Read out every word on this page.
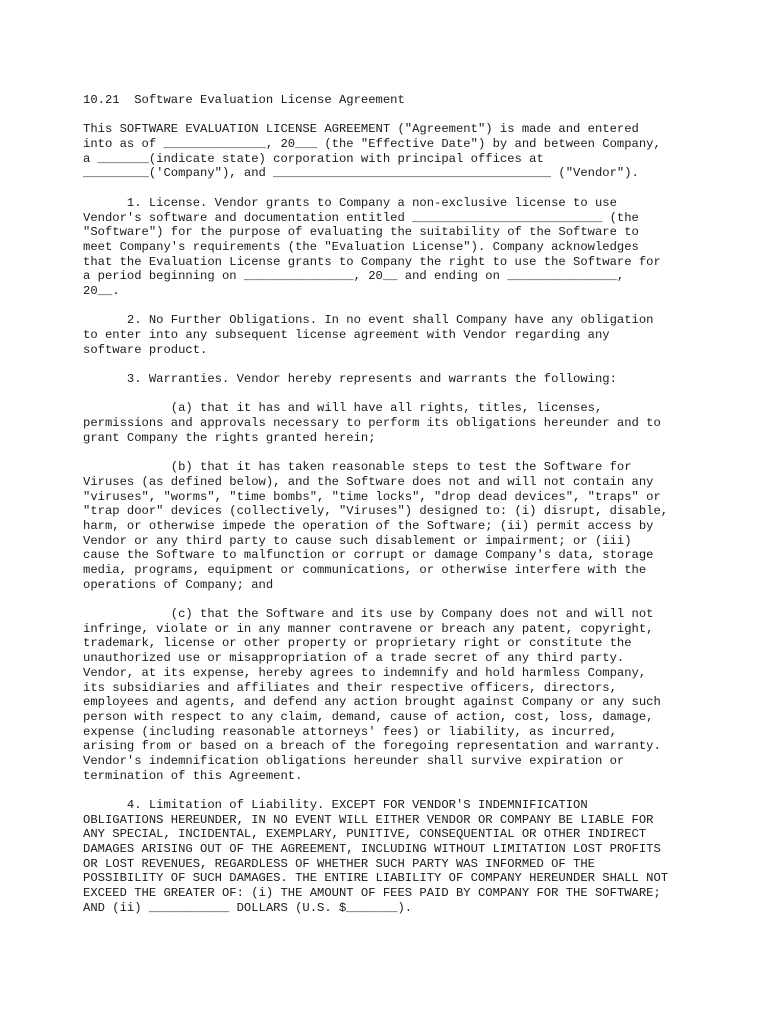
10.21  Software Evaluation License Agreement
This SOFTWARE EVALUATION LICENSE AGREEMENT ("Agreement") is made and entered
into as of ______________, 20___ (the "Effective Date") by and between Company,
a _______(indicate state) corporation with principal offices at
_________('Company"), and ______________________________________ ("Vendor").
1. License. Vendor grants to Company a non-exclusive license to use
Vendor's software and documentation entitled __________________________ (the
"Software") for the purpose of evaluating the suitability of the Software to
meet Company's requirements (the "Evaluation License"). Company acknowledges
that the Evaluation License grants to Company the right to use the Software for
a period beginning on _______________, 20__ and ending on _______________,
20__.
2. No Further Obligations. In no event shall Company have any obligation
to enter into any subsequent license agreement with Vendor regarding any
software product.
3. Warranties. Vendor hereby represents and warrants the following:
(a) that it has and will have all rights, titles, licenses,
permissions and approvals necessary to perform its obligations hereunder and to
grant Company the rights granted herein;
(b) that it has taken reasonable steps to test the Software for
Viruses (as defined below), and the Software does not and will not contain any
"viruses", "worms", "time bombs", "time locks", "drop dead devices", "traps" or
"trap door" devices (collectively, "Viruses") designed to: (i) disrupt, disable,
harm, or otherwise impede the operation of the Software; (ii) permit access by
Vendor or any third party to cause such disablement or impairment; or (iii)
cause the Software to malfunction or corrupt or damage Company's data, storage
media, programs, equipment or communications, or otherwise interfere with the
operations of Company; and
(c) that the Software and its use by Company does not and will not
infringe, violate or in any manner contravene or breach any patent, copyright,
trademark, license or other property or proprietary right or constitute the
unauthorized use or misappropriation of a trade secret of any third party.
Vendor, at its expense, hereby agrees to indemnify and hold harmless Company,
its subsidiaries and affiliates and their respective officers, directors,
employees and agents, and defend any action brought against Company or any such
person with respect to any claim, demand, cause of action, cost, loss, damage,
expense (including reasonable attorneys' fees) or liability, as incurred,
arising from or based on a breach of the foregoing representation and warranty.
Vendor's indemnification obligations hereunder shall survive expiration or
termination of this Agreement.
4. Limitation of Liability. EXCEPT FOR VENDOR'S INDEMNIFICATION
OBLIGATIONS HEREUNDER, IN NO EVENT WILL EITHER VENDOR OR COMPANY BE LIABLE FOR
ANY SPECIAL, INCIDENTAL, EXEMPLARY, PUNITIVE, CONSEQUENTIAL OR OTHER INDIRECT
DAMAGES ARISING OUT OF THE AGREEMENT, INCLUDING WITHOUT LIMITATION LOST PROFITS
OR LOST REVENUES, REGARDLESS OF WHETHER SUCH PARTY WAS INFORMED OF THE
POSSIBILITY OF SUCH DAMAGES. THE ENTIRE LIABILITY OF COMPANY HEREUNDER SHALL NOT
EXCEED THE GREATER OF: (i) THE AMOUNT OF FEES PAID BY COMPANY FOR THE SOFTWARE;
AND (ii) ___________ DOLLARS (U.S. $_______).
